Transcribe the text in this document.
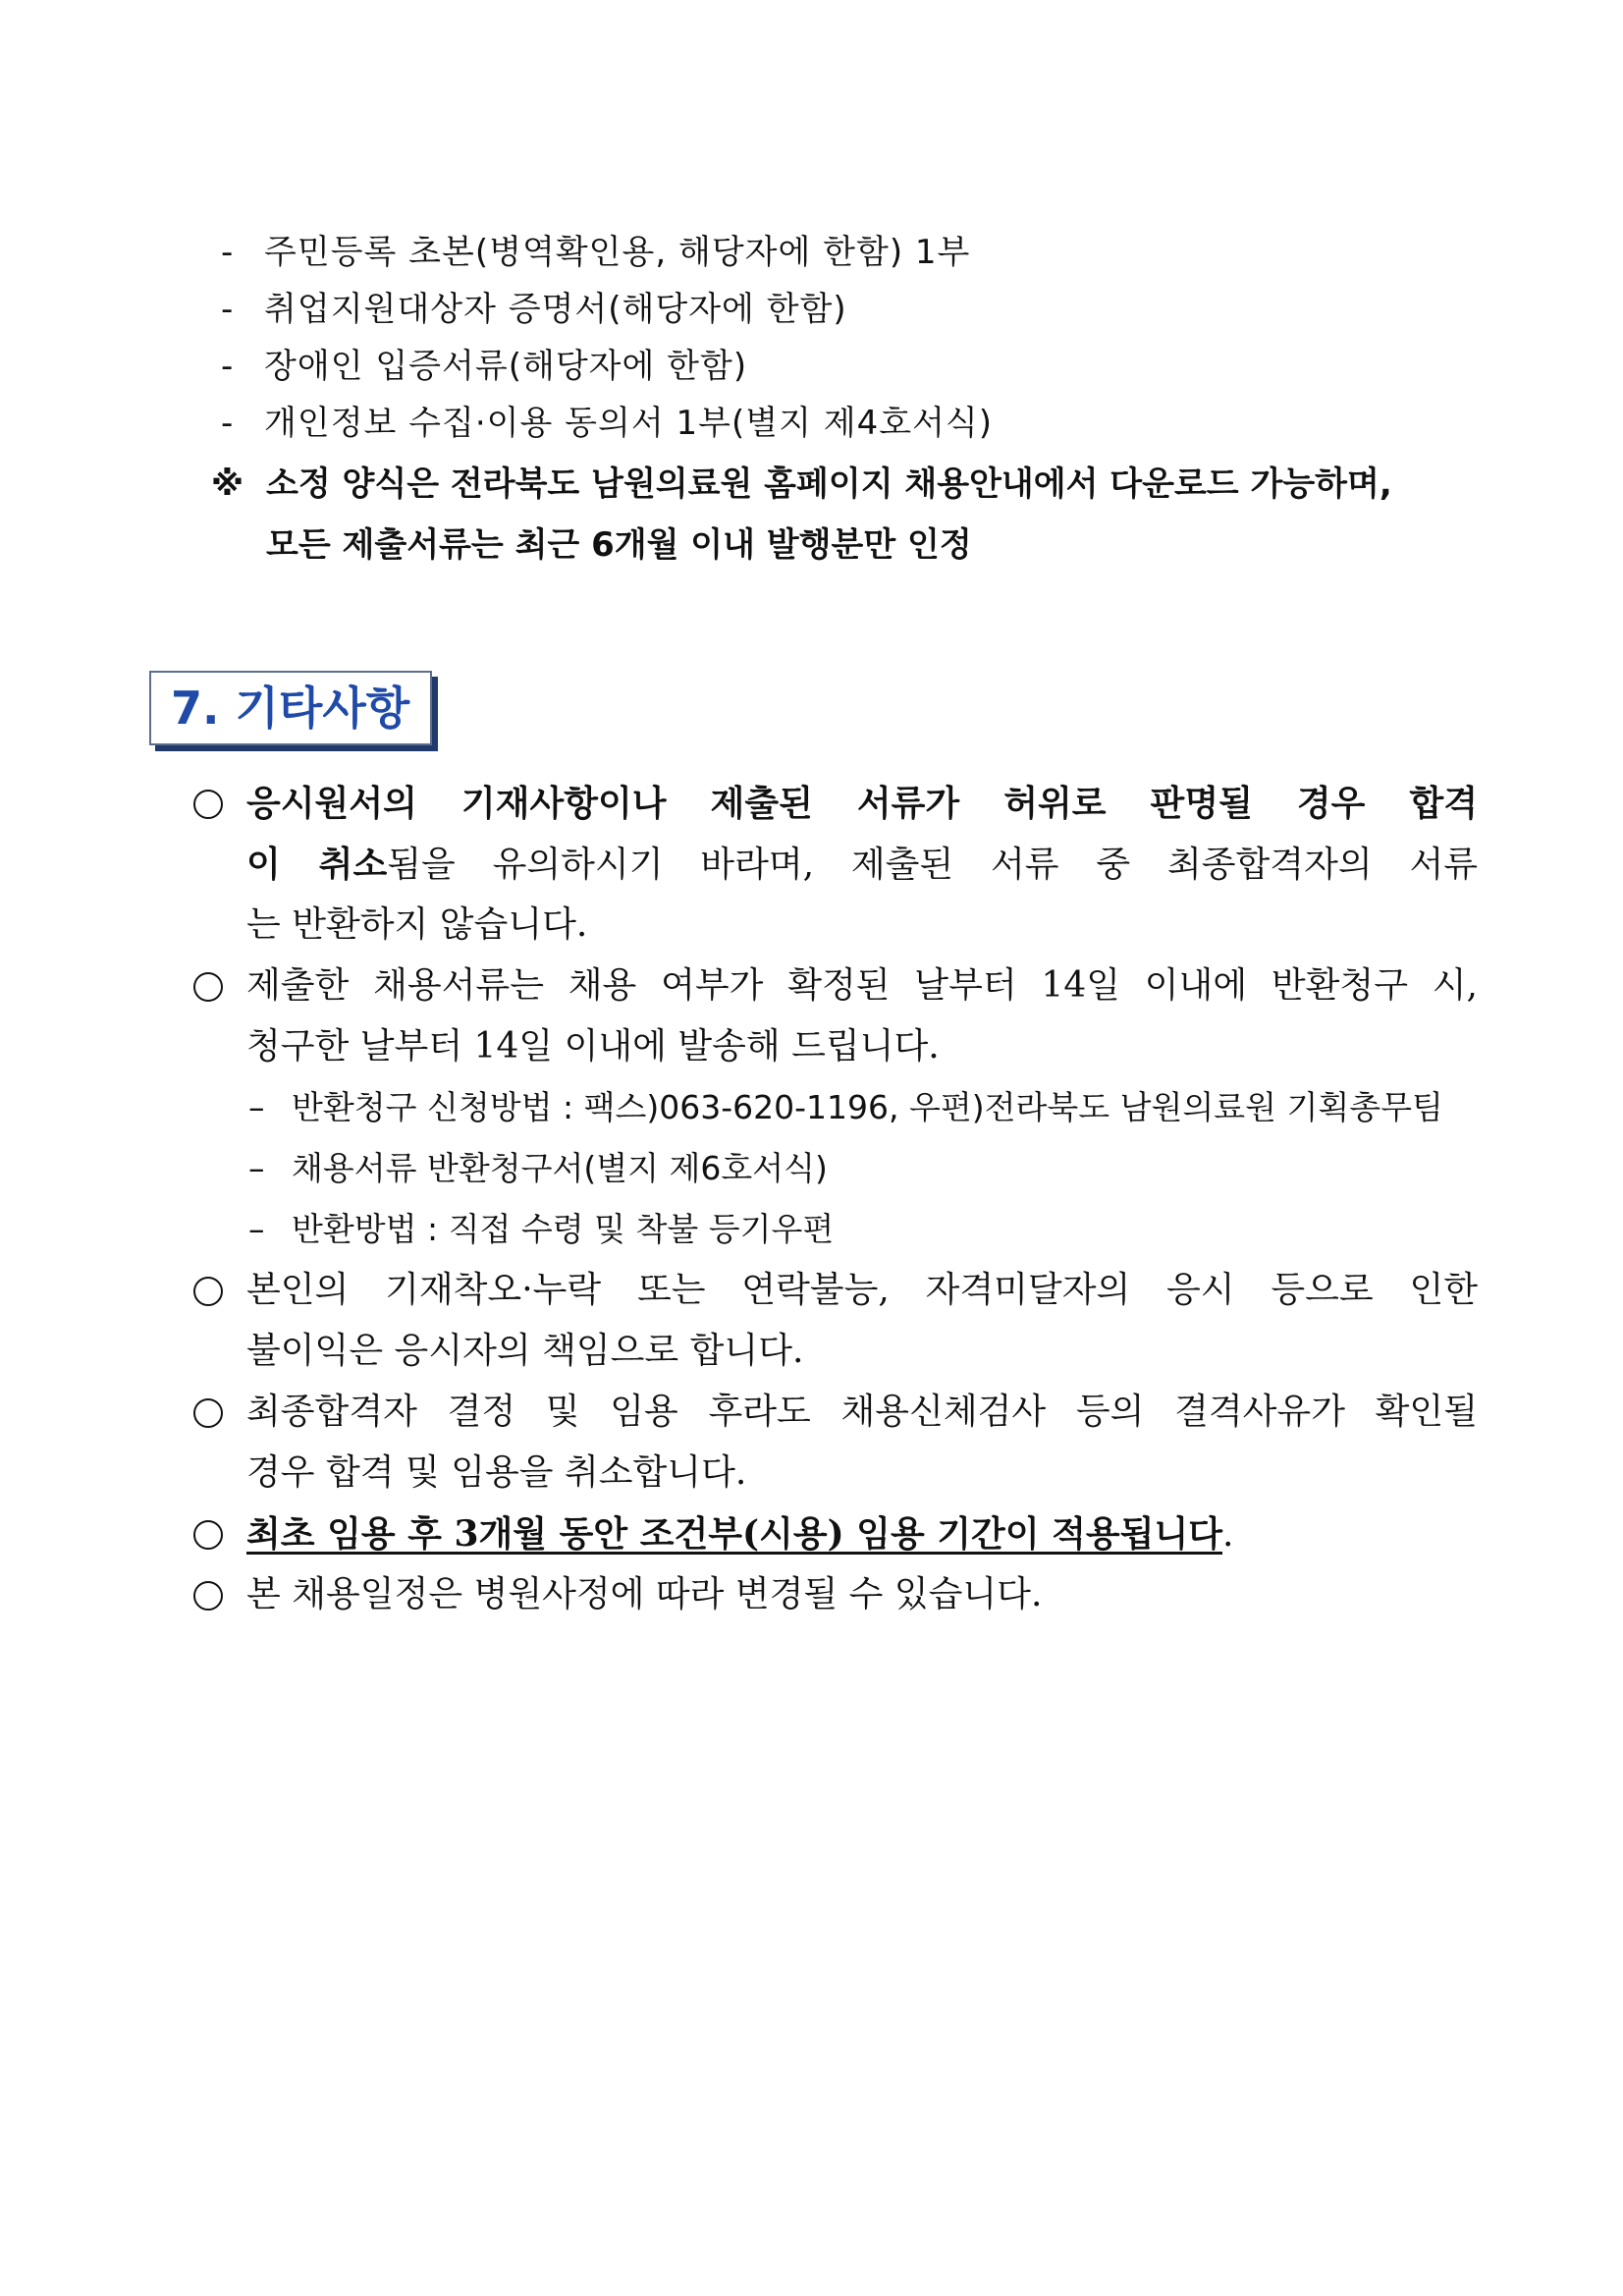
- 주민등록 초본(병역확인용, 해당자에 한함) 1부
- 취업지원대상자 증명서(해당자에 한함)
- 장애인 입증서류(해당자에 한함)
- 개인정보 수집·이용 동의서 1부(별지 제4호서식)
※ 소정 양식은 전라북도 남원의료원 홈페이지 채용안내에서 다운로드 가능하며,
모든 제출서류는 최근 6개월 이내 발행분만 인정
7. 기타사항
응시원서의 기재사항이나 제출된 서류가 허위로 판명될 경우 합격
이 취소됨을 유의하시기 바라며, 제출된 서류 중 최종합격자의 서류
는 반환하지 않습니다.
제출한 채용서류는 채용 여부가 확정된 날부터 14일 이내에 반환청구 시,
청구한 날부터 14일 이내에 발송해 드립니다.
– 반환청구 신청방법 : 팩스)063-620-1196, 우편)전라북도 남원의료원 기획총무팀
– 채용서류 반환청구서(별지 제6호서식)
– 반환방법 : 직접 수령 및 착불 등기우편
본인의 기재착오·누락 또는 연락불능, 자격미달자의 응시 등으로 인한
불이익은 응시자의 책임으로 합니다.
최종합격자 결정 및 임용 후라도 채용신체검사 등의 결격사유가 확인될
경우 합격 및 임용을 취소합니다.
최초 임용 후 3개월 동안 조건부(시용) 임용 기간이 적용됩니다.
본 채용일정은 병원사정에 따라 변경될 수 있습니다.
